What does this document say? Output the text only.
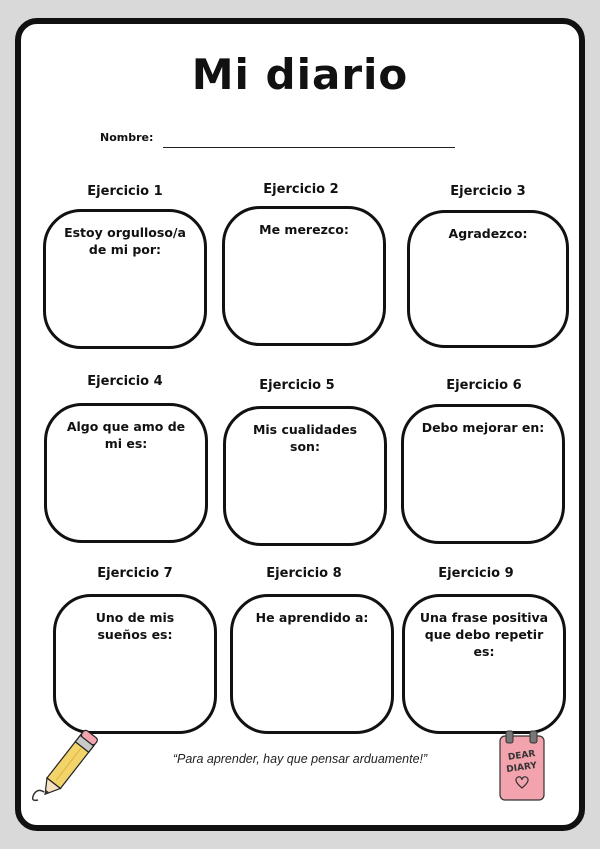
Mi diario
Nombre:
Ejercicio 1
Estoy orgulloso/a
de mi por:
Ejercicio 2
Me merezco:
Ejercicio 3
Agradezco:
Ejercicio 4
Algo que amo de
mi es:
Ejercicio 5
Mis cualidades
son:
Ejercicio 6
Debo mejorar en:
Ejercicio 7
Uno de mis
sueños es:
Ejercicio 8
He aprendido a:
Ejercicio 9
Una frase positiva
que debo repetir
es:
“Para aprender, hay que pensar arduamente!”	DEAR
DIARY
